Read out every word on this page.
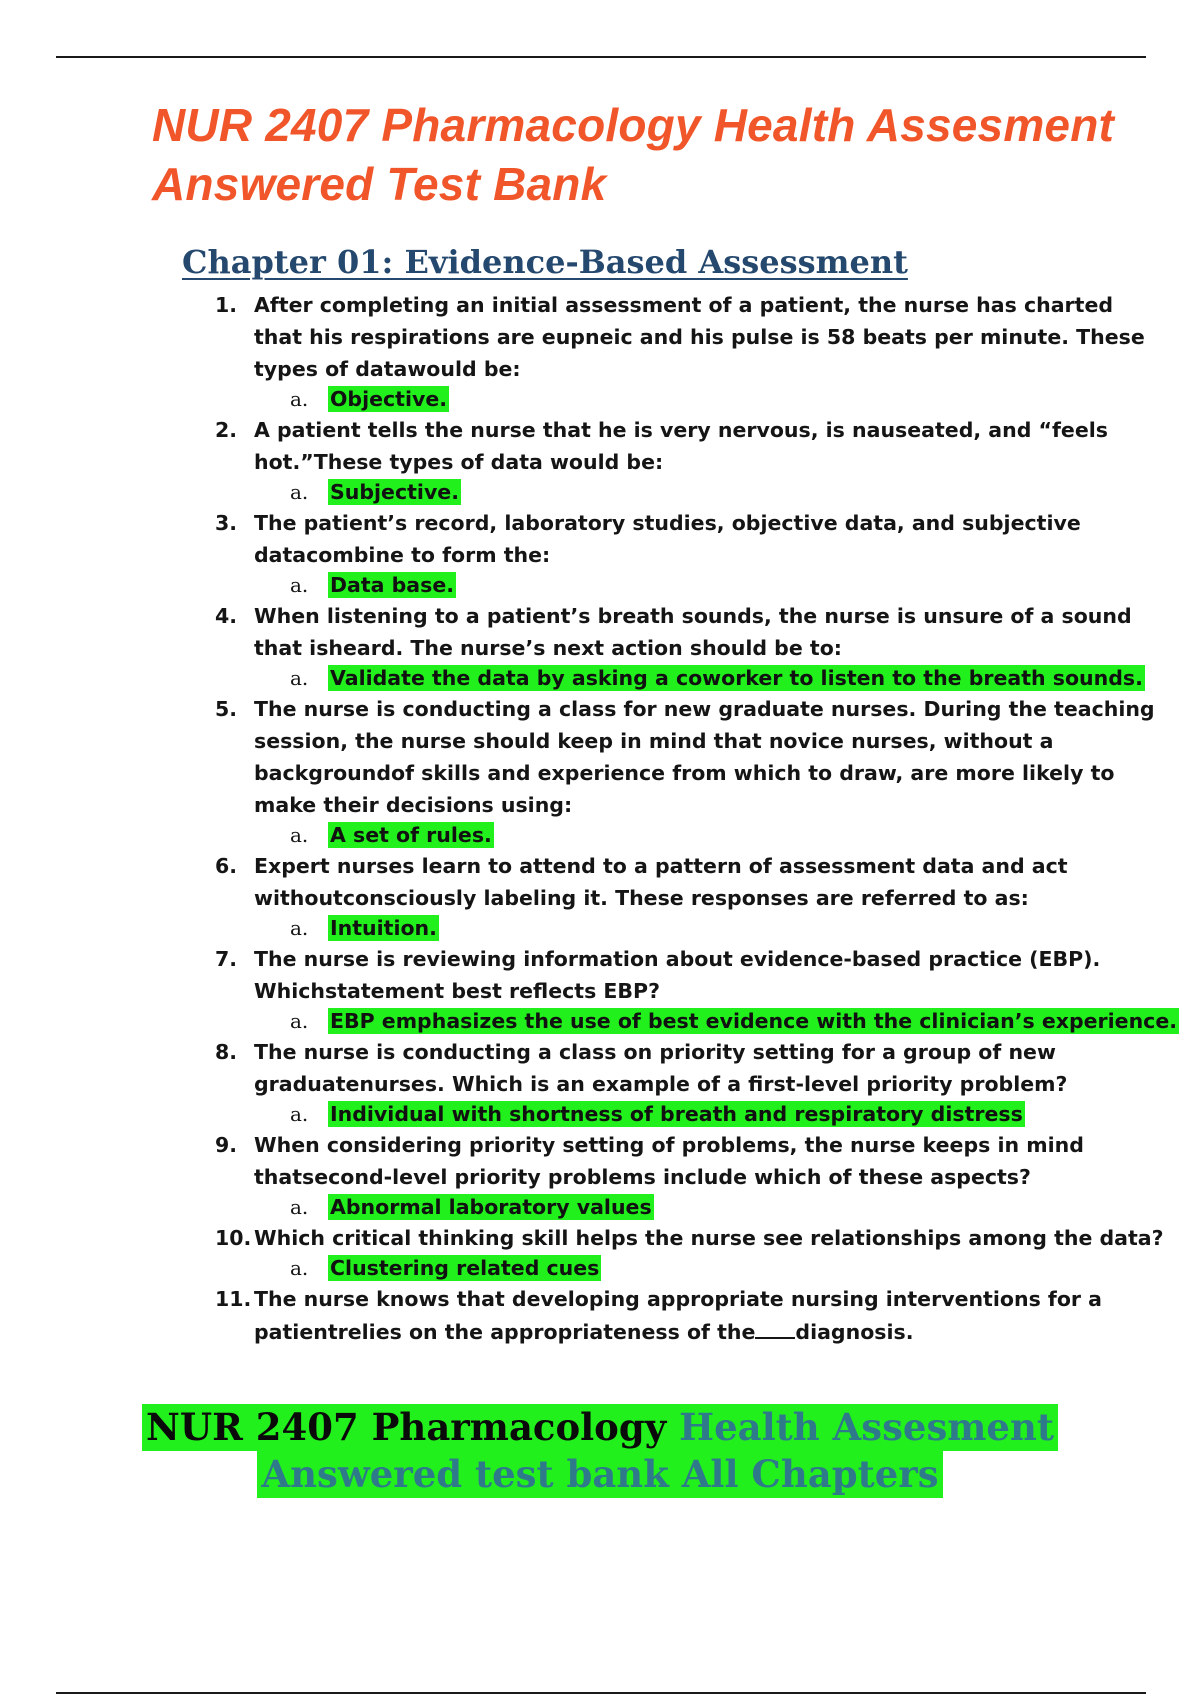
NUR 2407 Pharmacology Health Assesment
Answered Test Bank
Chapter 01: Evidence-Based Assessment
1. After completing an initial assessment of a patient, the nurse has charted
that his respirations are eupneic and his pulse is 58 beats per minute. These
types of datawould be:
a. Objective.
2. A patient tells the nurse that he is very nervous, is nauseated, and “feels
hot.”These types of data would be:
a. Subjective.
3. The patient’s record, laboratory studies, objective data, and subjective
datacombine to form the:
a. Data base.
4. When listening to a patient’s breath sounds, the nurse is unsure of a sound
that isheard. The nurse’s next action should be to:
a. Validate the data by asking a coworker to listen to the breath sounds.
5. The nurse is conducting a class for new graduate nurses. During the teaching
session, the nurse should keep in mind that novice nurses, without a
backgroundof skills and experience from which to draw, are more likely to
make their decisions using:
a. A set of rules.
6. Expert nurses learn to attend to a pattern of assessment data and act
withoutconsciously labeling it. These responses are referred to as:
a. Intuition.
7. The nurse is reviewing information about evidence-based practice (EBP).
Whichstatement best reflects EBP?
a. EBP emphasizes the use of best evidence with the clinician’s experience.
8. The nurse is conducting a class on priority setting for a group of new
graduatenurses. Which is an example of a first-level priority problem?
a. Individual with shortness of breath and respiratory distress
9. When considering priority setting of problems, the nurse keeps in mind
thatsecond-level priority problems include which of these aspects?
a. Abnormal laboratory values
10. Which critical thinking skill helps the nurse see relationships among the data?
a. Clustering related cues
11. The nurse knows that developing appropriate nursing interventions for a
patientrelies on the appropriateness of the diagnosis.
NUR 2407 Pharmacology Health Assesment
Answered test bank All Chapters
